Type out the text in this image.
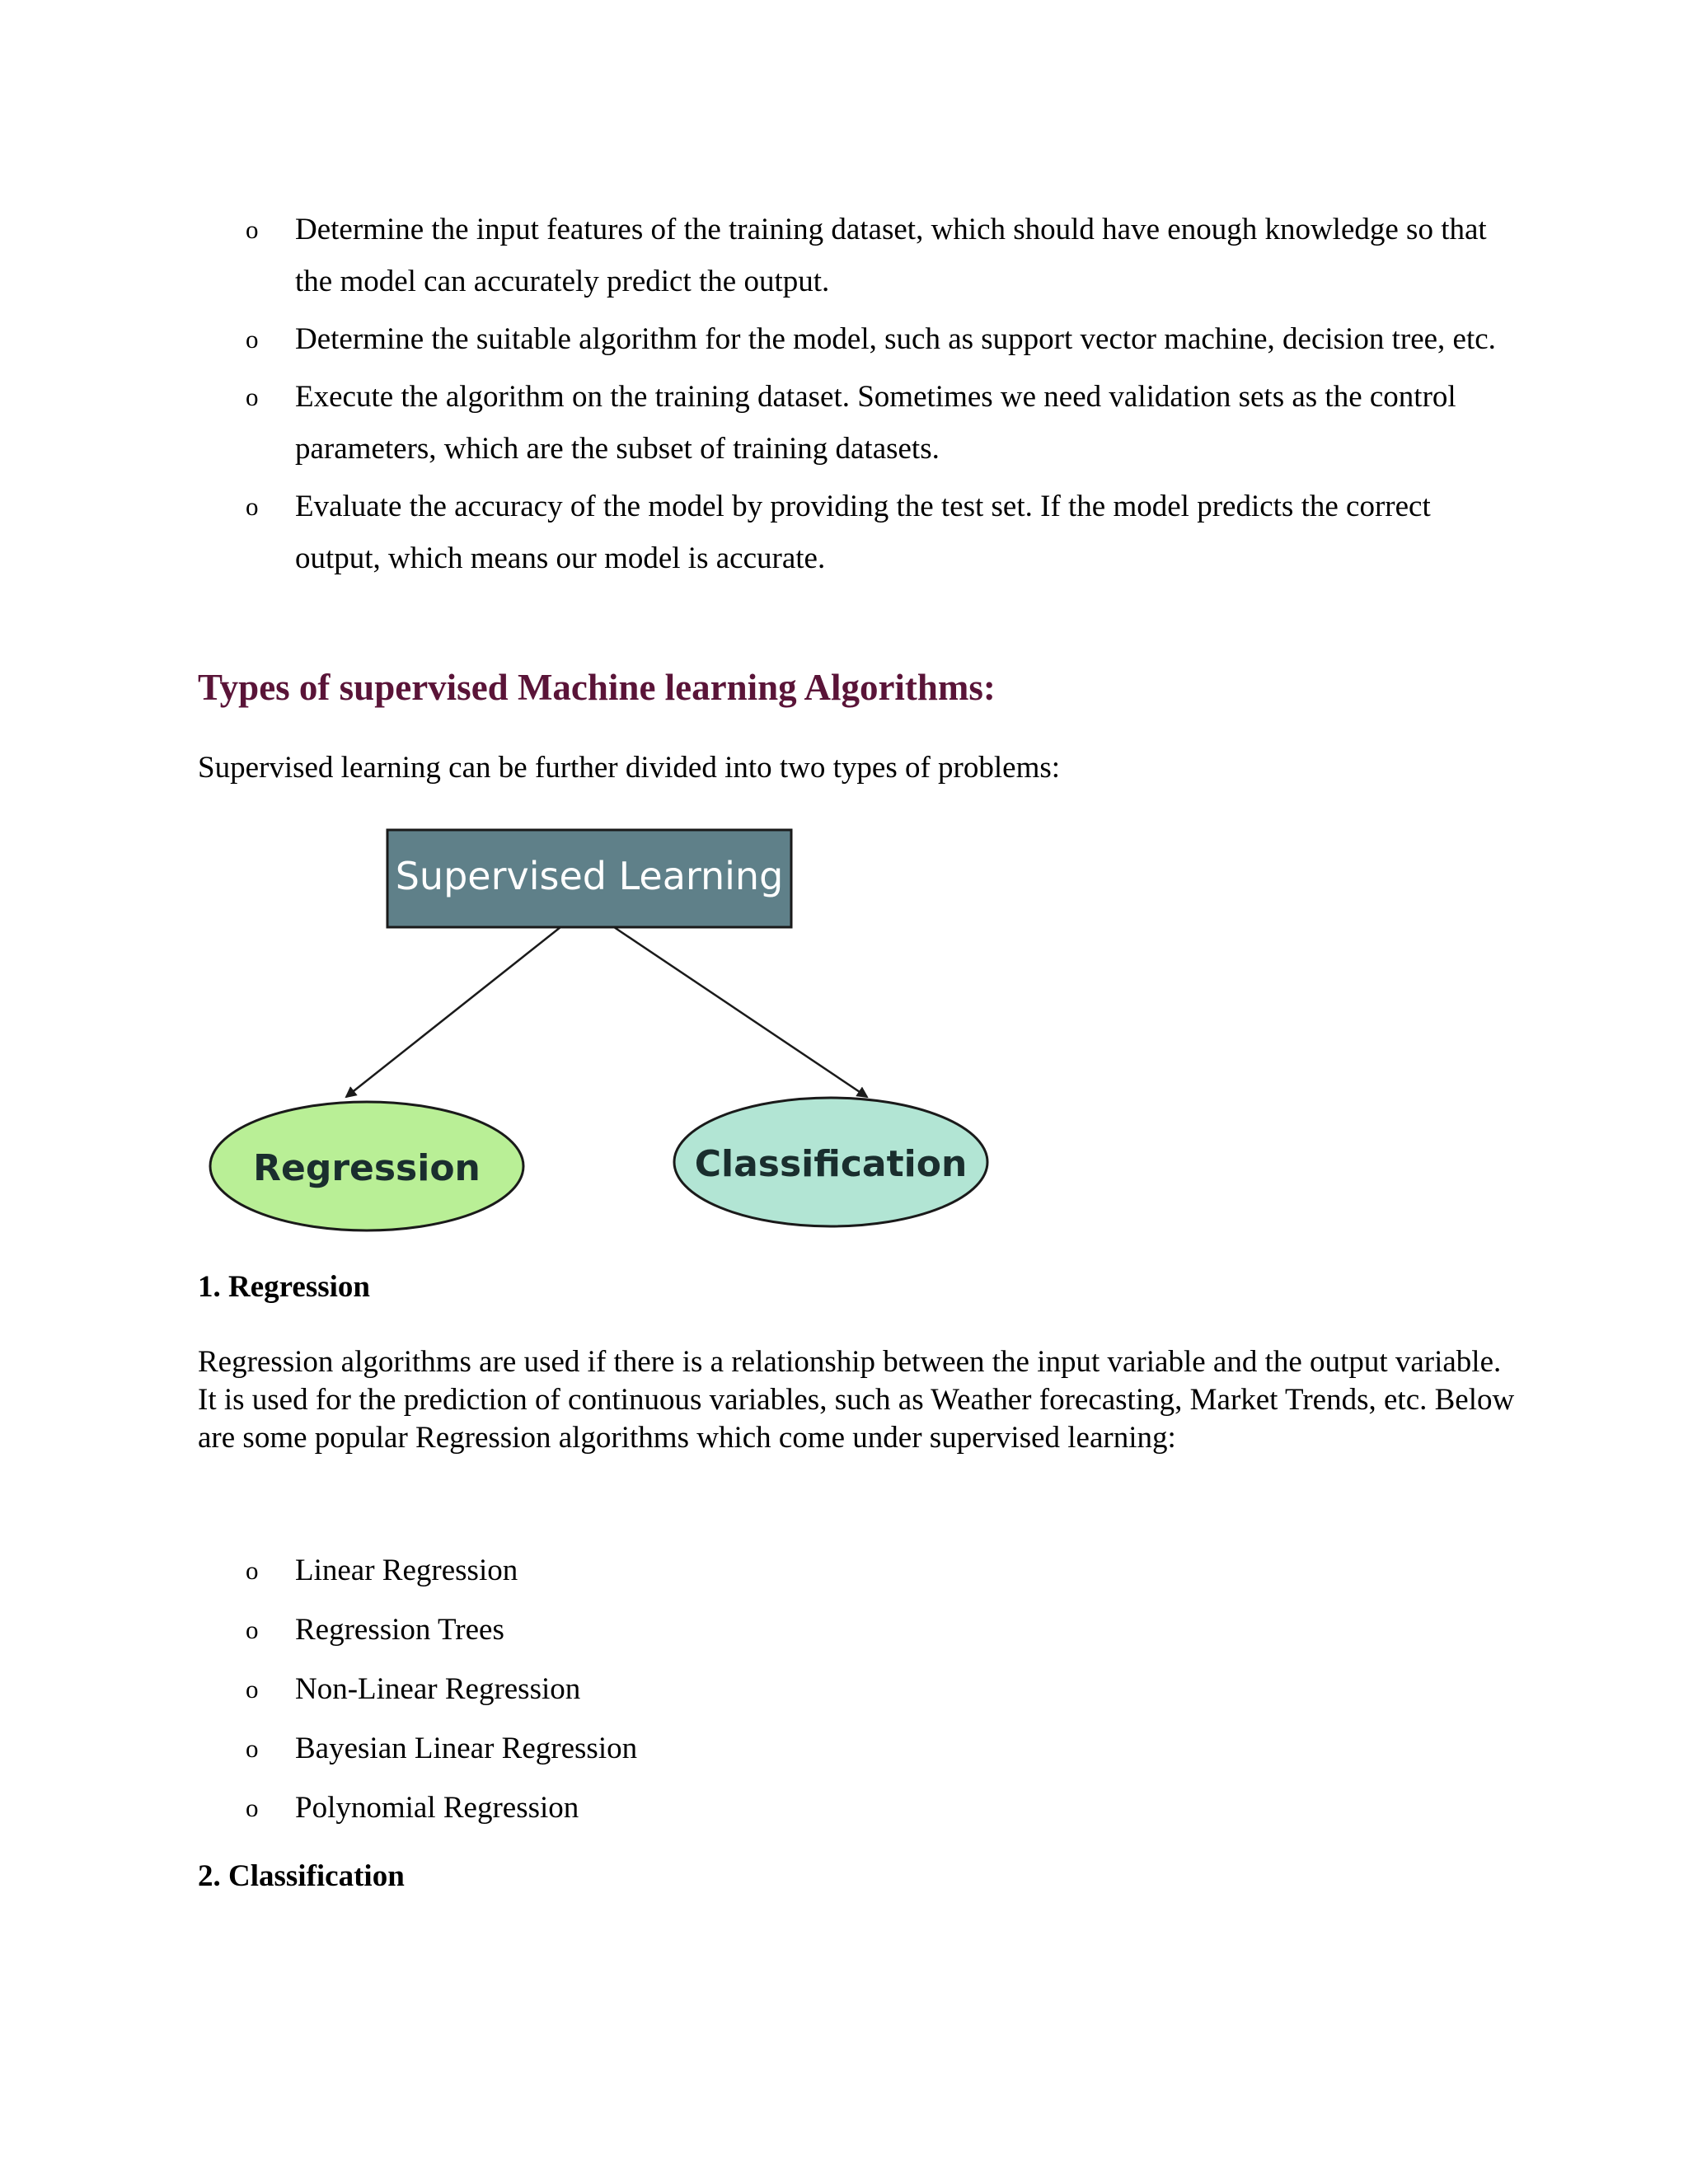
o Determine the input features of the training dataset, which should have enough knowledge so that the model can accurately predict the output.
o Determine the suitable algorithm for the model, such as support vector machine, decision tree, etc.
o Execute the algorithm on the training dataset. Sometimes we need validation sets as the control parameters, which are the subset of training datasets.
o Evaluate the accuracy of the model by providing the test set. If the model predicts the correct output, which means our model is accurate.
Types of supervised Machine learning Algorithms:

Supervised learning can be further divided into two types of problems:

Supervised Learning
Regression	Classification
1. Regression

Regression algorithms are used if there is a relationship between the input variable and the output variable. It is used for the prediction of continuous variables, such as Weather forecasting, Market Trends, etc. Below are some popular Regression algorithms which come under supervised learning:

o Linear Regression
o Regression Trees
o Non-Linear Regression
o Bayesian Linear Regression
o Polynomial Regression
2. Classification
